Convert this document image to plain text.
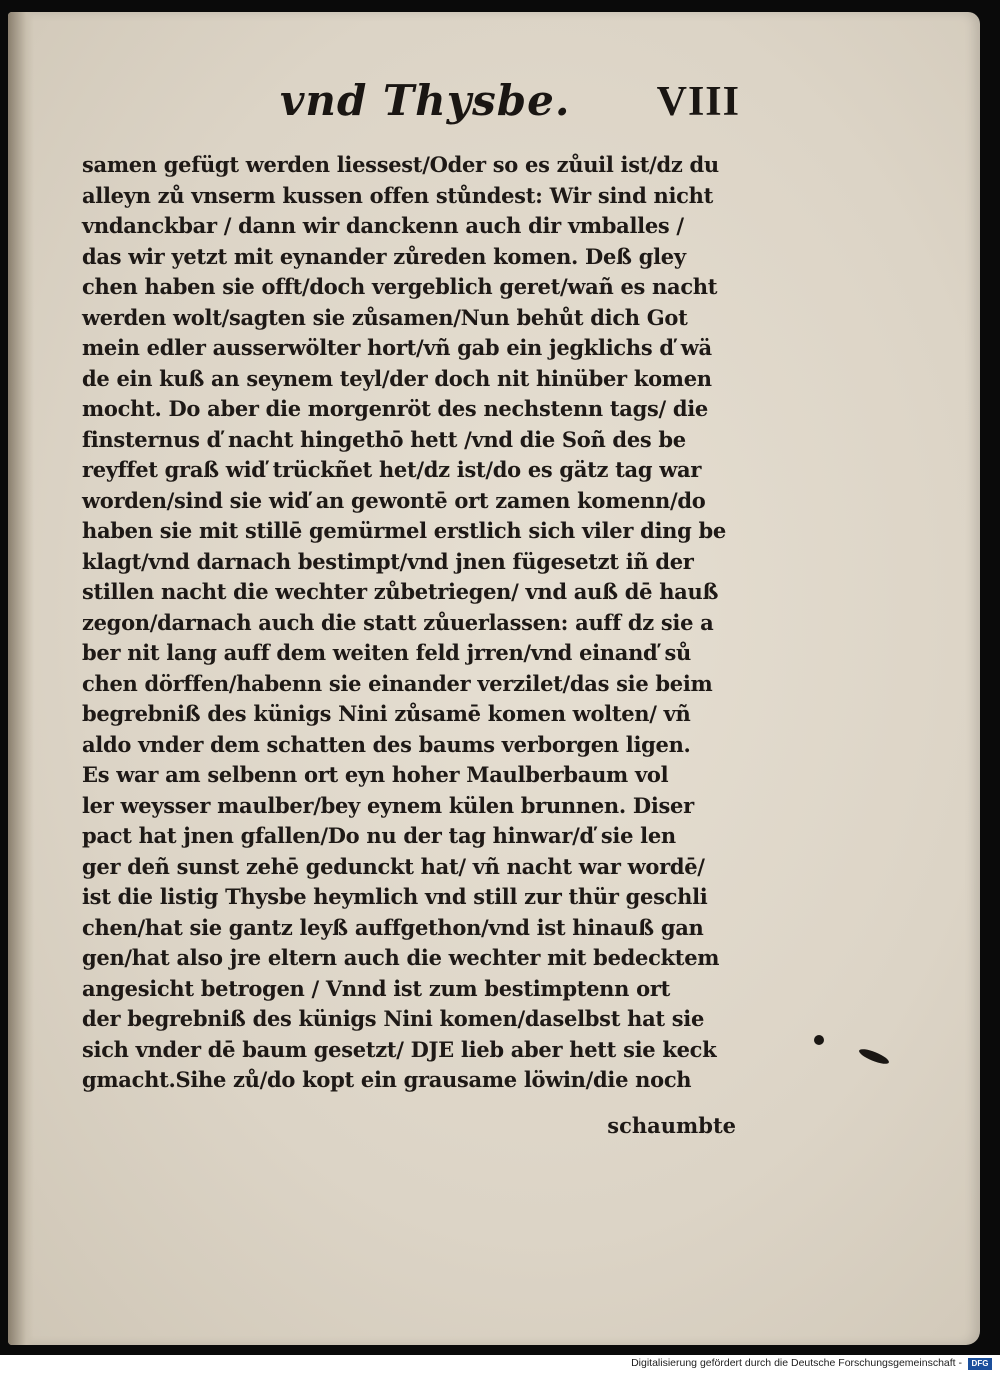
vnd Thysbe. VIII
samen gefügt werden liessest/Oder so es zůuil ist/dz du
alleyn zů vnserm kussen offen stůndest: Wir sind nicht
vndanckbar / dann wir danckenn auch dir vmballes /
das wir yetzt mit eynander zůreden komen. Deß gley
chen haben sie offt/doch vergeblich geret/wañ es nacht
werden wolt/sagten sie zůsamen/Nun behůt dich Got
mein edler ausserwölter hort/vñ gab ein jegklichs ď wä
de ein kuß an seynem teyl/der doch nit hinüber komen
mocht. Do aber die morgenröt des nechstenn tags/ die
finsternus ď nacht hingethō hett /vnd die Soñ des be
reyffet graß wiď trückñet het/dz ist/do es gätz tag war
worden/sind sie wiď an gewontē ort zamen komenn/do
haben sie mit stillē gemürmel erstlich sich viler ding be
klagt/vnd darnach bestimpt/vnd jnen fügesetzt iñ der
stillen nacht die wechter zůbetriegen/ vnd auß dē hauß
zegon/darnach auch die statt zůuerlassen: auff dz sie a
ber nit lang auff dem weiten feld jrren/vnd einanď sů
chen dörffen/habenn sie einander verzilet/das sie beim
begrebniß des künigs Nini zůsamē komen wolten/ vñ
aldo vnder dem schatten des baums verborgen ligen.
Es war am selbenn ort eyn hoher Maulberbaum vol
ler weysser maulber/bey eynem külen brunnen. Diser
pact hat jnen gfallen/Do nu der tag hinwar/ď sie len
ger deñ sunst zehē gedunckt hat/ vñ nacht war wordē/
ist die listig Thysbe heymlich vnd still zur thür geschli
chen/hat sie gantz leyß auffgethon/vnd ist hinauß gan
gen/hat also jre eltern auch die wechter mit bedecktem
angesicht betrogen / Vnnd ist zum bestimptenn ort
der begrebniß des künigs Nini komen/daselbst hat sie
sich vnder dē baum gesetzt/ DJE lieb aber hett sie keck
gmacht.Sihe zů/do kopt ein grausame löwin/die noch
schaumbte
Digitalisierung gefördert durch die Deutsche Forschungsgemeinschaft -	DFG
